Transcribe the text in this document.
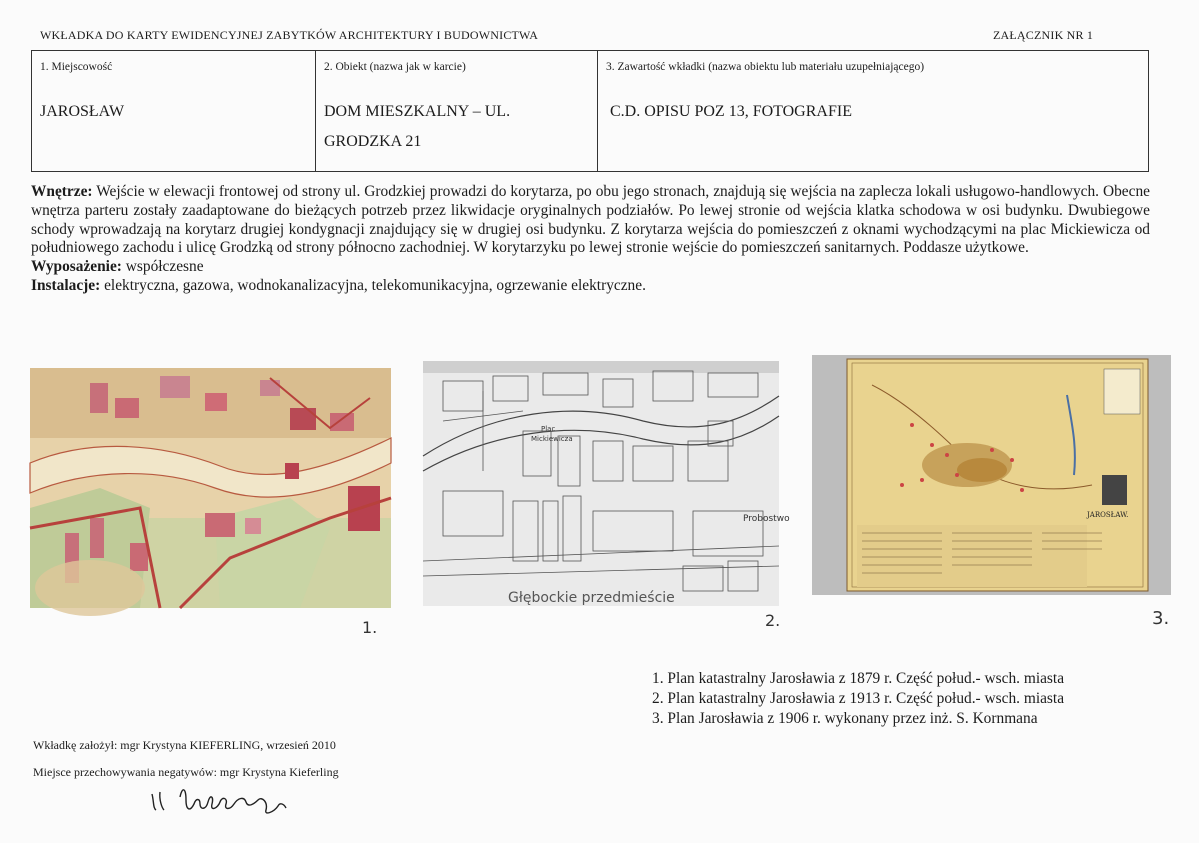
WKŁADKA DO KARTY EWIDENCYJNEJ ZABYTKÓW ARCHITEKTURY I BUDOWNICTWA	ZAŁĄCZNIK NR 1
1. Miejscowość
JAROSŁAW

2. Obiekt (nazwa jak w karcie)
DOM MIESZKALNY – UL.
GRODZKA 21

3. Zawartość wkładki (nazwa obiektu lub materiału uzupełniającego)
C.D. OPISU POZ 13, FOTOGRAFIE

Wnętrze: Wejście w elewacji frontowej od strony ul. Grodzkiej prowadzi do korytarza, po obu jego stronach, znajdują się wejścia na zaplecza lokali usługowo-handlowych. Obecne wnętrza parteru zostały zaadaptowane do bieżących potrzeb przez likwidacje oryginalnych podziałów. Po lewej stronie od wejścia klatka schodowa w osi budynku. Dwubiegowe schody wprowadzają na korytarz drugiej kondygnacji znajdujący się w drugiej osi budynku. Z korytarza wejścia do pomieszczeń z oknami wychodzącymi na plac Mickiewicza od południowego zachodu i ulicę Grodzką od strony północno zachodniej. W korytarzyku po lewej stronie wejście do pomieszczeń sanitarnych. Poddasze użytkowe.

Wyposażenie: współczesne

Instalacje: elektryczna, gazowa, wodnokanalizacyjna, telekomunikacyjna, ogrzewanie elektryczne.

1.
Plac
Mickiewicza
Probostwo
Głębockie przedmieście
2.
JAROSŁAW.
3.
1. Plan katastralny Jarosławia z 1879 r. Część połud.- wsch. miasta
2. Plan katastralny Jarosławia z 1913 r. Część połud.- wsch. miasta
3. Plan Jarosławia z 1906 r. wykonany przez inż. S. Kornmana
Wkładkę założył: mgr Krystyna KIEFERLING, wrzesień 2010
Miejsce przechowywania negatywów: mgr Krystyna Kieferling
